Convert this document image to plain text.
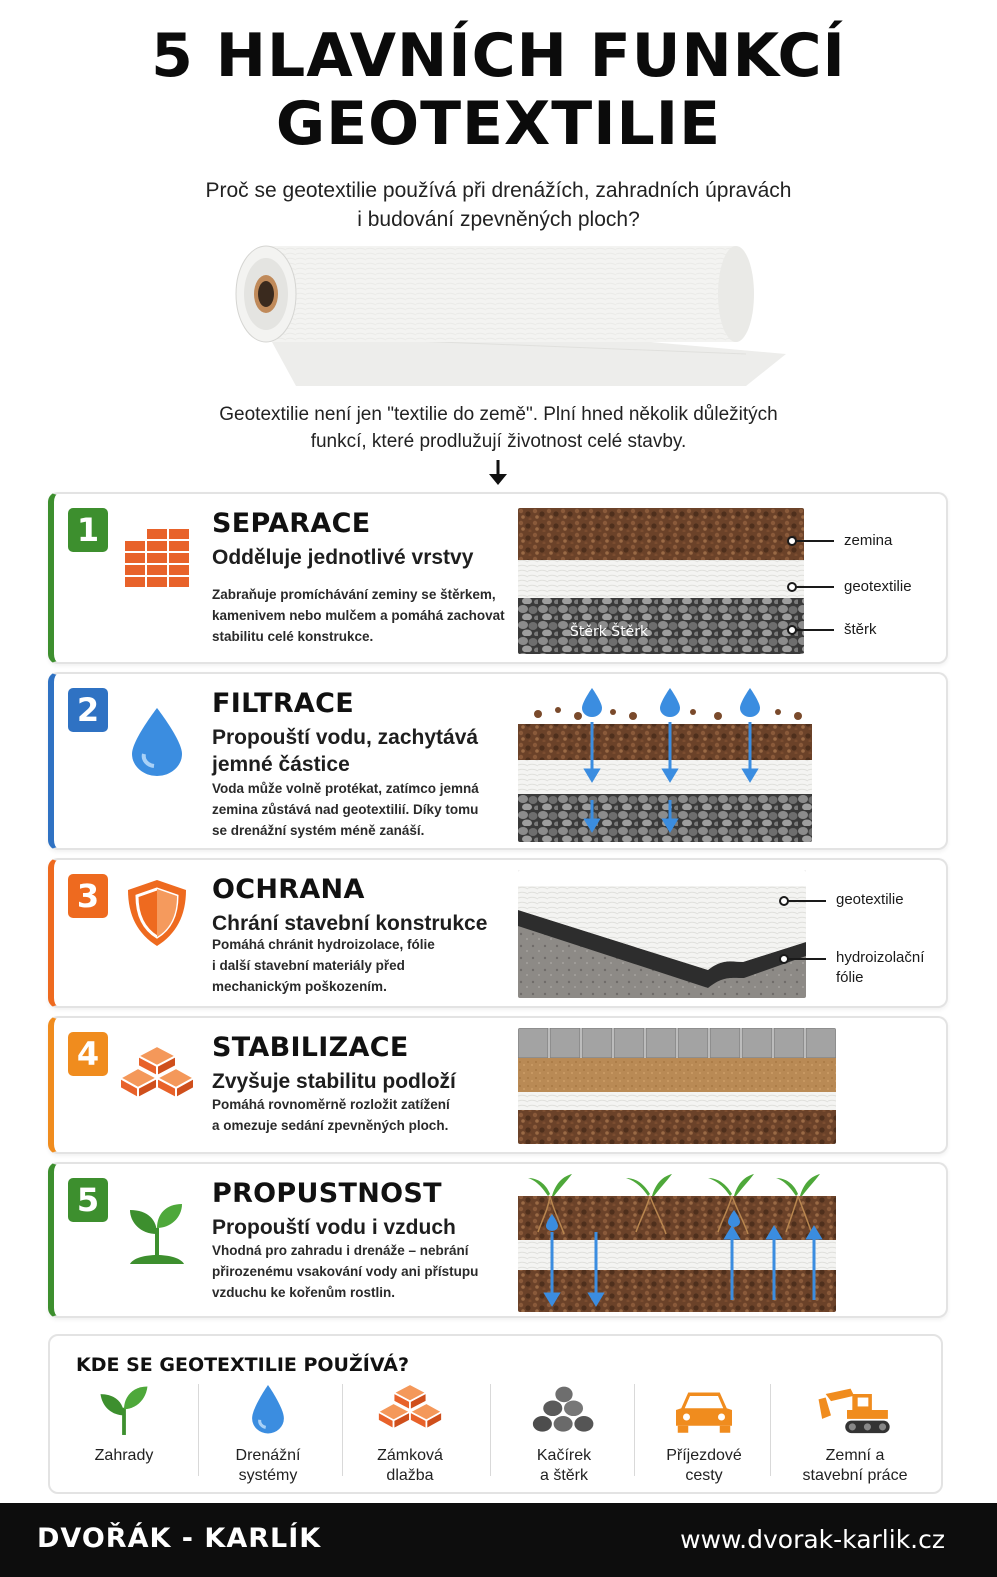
5 HLAVNÍCH FUNKCÍ
GEOTEXTILIE
Proč se geotextilie používá při drenážích, zahradních úpravách
i budování zpevněných ploch?
Geotextilie není jen "textilie do země". Plní hned několik důležitých
funkcí, které prodlužují životnost celé stavby.
1	SEPARACE
Odděluje jednotlivé vrstvy
Zabraňuje promíchávání zeminy se štěrkem,
kamenivem nebo mulčem a pomáhá zachovat
stabilitu celé konstrukce.	Štěrk Štěrk
zemina
geotextilie
štěrk
2	FILTRACE
Propouští vodu, zachytává
jemné částice
Voda může volně protékat, zatímco jemná
zemina zůstává nad geotextilií. Díky tomu
se drenážní systém méně zanáší.
3	OCHRANA
Chrání stavební konstrukce
Pomáhá chránit hydroizolace, fólie
i další stavební materiály před
mechanickým poškozením.
geotextilie
hydroizolační
fólie
4	STABILIZACE
Zvyšuje stabilitu podloží
Pomáhá rovnoměrně rozložit zatížení
a omezuje sedání zpevněných ploch.
5	PROPUSTNOST
Propouští vodu i vzduch
Vhodná pro zahradu i drenáže – nebrání
přirozenému vsakování vody ani přístupu
vzduchu ke kořenům rostlin.
KDE SE GEOTEXTILIE POUŽÍVÁ?
Zahrady	Drenážní
systémy
Zámková
dlažba
Kačírek
a štěrk
Příjezdové
cesty
Zemní a
stavební práce
DVOŘÁK - KARLÍK	www.dvorak-karlik.cz
